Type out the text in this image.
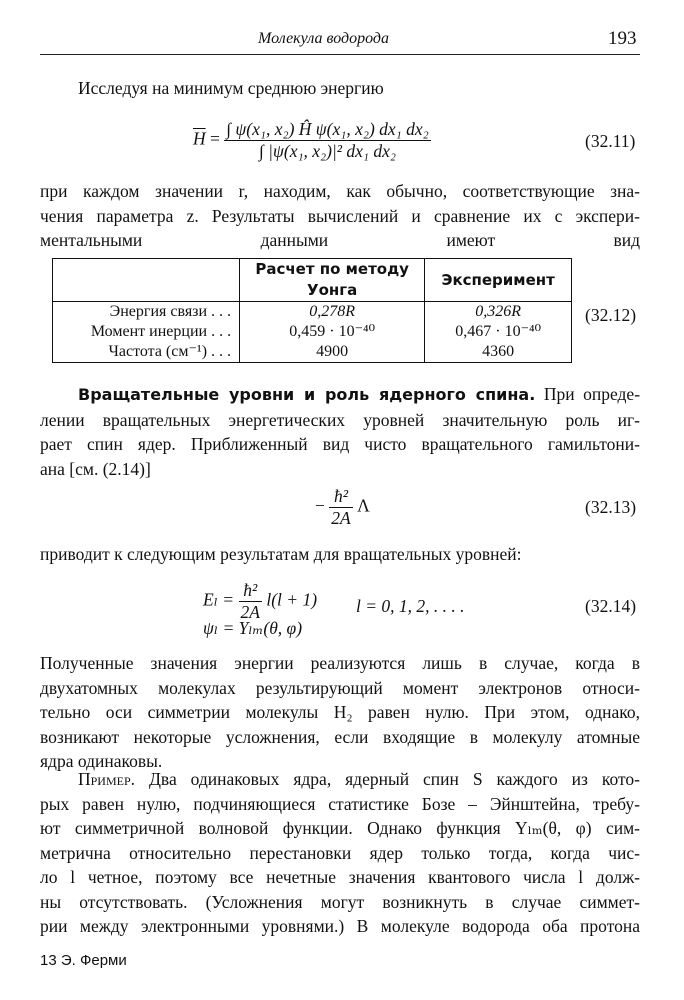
Молекула водорода	193
Исследуя на минимум среднюю энергию
$\overline{H} = \frac{\text{∫ ψ(x₁, x₂) Ĥ ψ(x₁, x₂) dx₁ dx₂}}{\text{∫ |ψ(x₁, x₂)|² dx₁ dx₂}}$	(32.11)
при каждом значении r, находим, как обычно, соответствующие зна-
чения параметра z. Результаты вычислений и сравнение их с экспери-
ментальными данными имеют вид
	Расчет по методу Уонга	Эксперимент
Энергия связи . . .	0,278R	0,326R
Момент инерции . . .	0,459 · 10⁻⁴⁰	0,467 · 10⁻⁴⁰
Частота (см⁻¹) . . .	4900	4360
(32.12)
Вращательные уровни и роль ядерного спина. При опреде-
лении вращательных энергетических уровней значительную роль иг-
рает спин ядер. Приближенный вид чисто вращательного гамильтони-
ана [см. (2.14)]
− $\frac{\text{ħ²}}{2A}$ Λ	(32.13)
приводит к следующим результатам для вращательных уровней:
$E_l = \frac{\text{ħ²}}{2A} l(l + 1) l = 0$, 1, 2, . . . .
ψₗ = Yₗₘ(θ, φ)
(32.14)
Полученные значения энергии реализуются лишь в случае, когда в
двухатомных молекулах результирующий момент электронов относи-
тельно оси симметрии молекулы H₂ равен нулю. При этом, однако,
возникают некоторые усложнения, если входящие в молекулу атомные
ядра одинаковы.
Пример. Два одинаковых ядра, ядерный спин S каждого из кото-
рых равен нулю, подчиняющиеся статистике Бозе – Эйнштейна, требу-
ют симметричной волновой функции. Однако функция Yₗₘ(θ, φ) сим-
метрична относительно перестановки ядер только тогда, когда чис-
ло l четное, поэтому все нечетные значения квантового числа l долж-
ны отсутствовать. (Усложнения могут возникнуть в случае симмет-
рии между электронными уровнями.) В молекуле водорода оба протона
13 Э. Ферми
